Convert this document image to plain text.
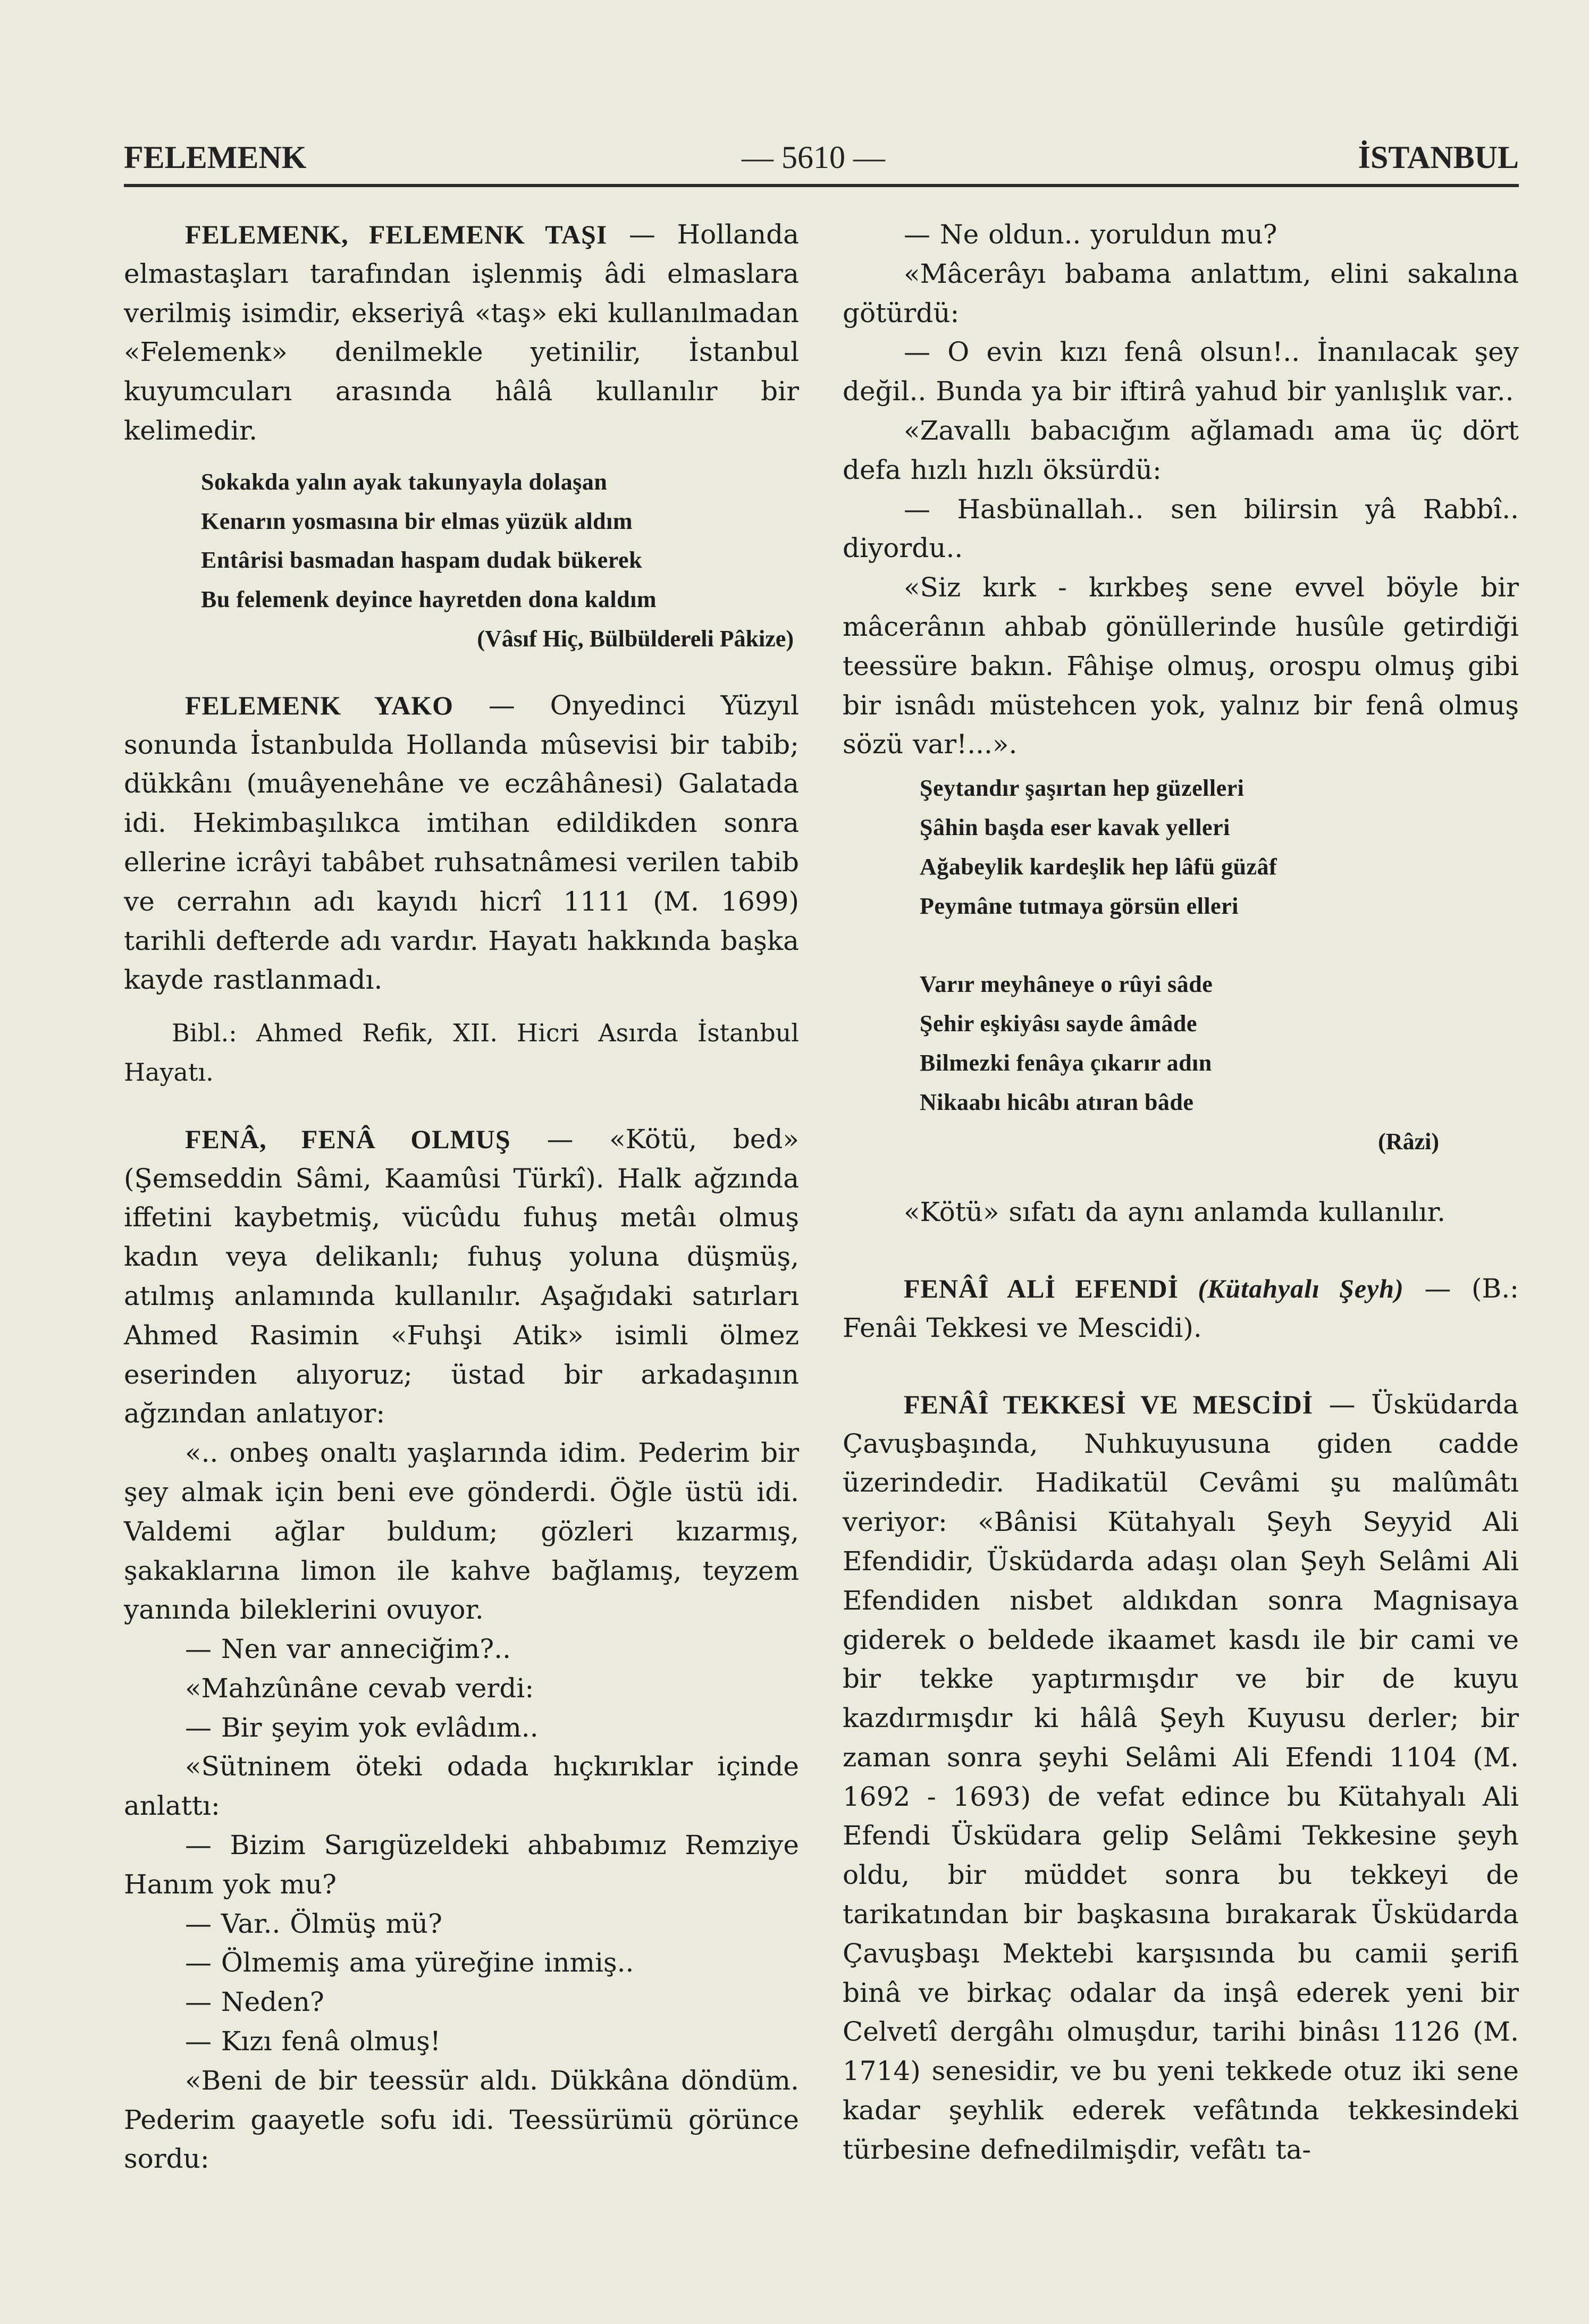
FELEMENK	— 5610 —	İSTANBUL

FELEMENK, FELEMENK TAŞI — Hollanda elmastaşları tarafından işlenmiş âdi elmaslara verilmiş isimdir, ekseriyâ «taş» eki kullanılmadan «Felemenk» denilmekle yetinilir, İstanbul kuyumcuları arasında hâlâ kullanılır bir kelimedir.

Sokakda yalın ayak takunyayla dolaşan
Kenarın yosmasına bir elmas yüzük aldım
Entârisi basmadan haspam dudak bükerek
Bu felemenk deyince hayretden dona kaldım
(Vâsıf Hiç, Bülbüldereli Pâkize)

FELEMENK YAKO — Onyedinci Yüzyıl sonunda İstanbulda Hollanda mûsevisi bir tabib; dükkânı (muâyenehâne ve eczâhânesi) Galatada idi. Hekimbaşılıkca imtihan edildikden sonra ellerine icrâyi tabâbet ruhsatnâmesi verilen tabib ve cerrahın adı kayıdı hicrî 1111 (M. 1699) tarihli defterde adı vardır. Hayatı hakkında başka kayde rastlanmadı.

Bibl.: Ahmed Refik, XII. Hicri Asırda İstanbul Hayatı.

FENÂ, FENÂ OLMUŞ — «Kötü, bed» (Şemseddin Sâmi, Kaamûsi Türkî). Halk ağzında iffetini kaybetmiş, vücûdu fuhuş metâı olmuş kadın veya delikanlı; fuhuş yoluna düşmüş, atılmış anlamında kullanılır. Aşağıdaki satırları Ahmed Rasimin «Fuhşi Atik» isimli ölmez eserinden alıyoruz; üstad bir arkadaşının ağzından anlatıyor:

«.. onbeş onaltı yaşlarında idim. Pederim bir şey almak için beni eve gönderdi. Öğle üstü idi. Valdemi ağlar buldum; gözleri kızarmış, şakaklarına limon ile kahve bağlamış, teyzem yanında bileklerini ovuyor.

— Nen var anneciğim?..

«Mahzûnâne cevab verdi:

— Bir şeyim yok evlâdım..

«Sütninem öteki odada hıçkırıklar içinde anlattı:

— Bizim Sarıgüzeldeki ahbabımız Remziye Hanım yok mu?

— Var.. Ölmüş mü?

— Ölmemiş ama yüreğine inmiş..

— Neden?

— Kızı fenâ olmuş!

«Beni de bir teessür aldı. Dükkâna döndüm. Pederim gaayetle sofu idi. Teessürümü görünce sordu:

— Ne oldun.. yoruldun mu?

«Mâcerâyı babama anlattım, elini sakalına götürdü:

— O evin kızı fenâ olsun!.. İnanılacak şey değil.. Bunda ya bir iftirâ yahud bir yanlışlık var..

«Zavallı babacığım ağlamadı ama üç dört defa hızlı hızlı öksürdü:

— Hasbünallah.. sen bilirsin yâ Rabbî.. diyordu..

«Siz kırk - kırkbeş sene evvel böyle bir mâcerânın ahbab gönüllerinde husûle getirdiği teessüre bakın. Fâhişe olmuş, orospu olmuş gibi bir isnâdı müstehcen yok, yalnız bir fenâ olmuş sözü var!...».

Şeytandır şaşırtan hep güzelleri
Şâhin başda eser kavak yelleri
Ağabeylik kardeşlik hep lâfü güzâf
Peymâne tutmaya görsün elleri
Varır meyhâneye o rûyi sâde
Şehir eşkiyâsı sayde âmâde
Bilmezki fenâya çıkarır adın
Nikaabı hicâbı atıran bâde
(Râzi)

«Kötü» sıfatı da aynı anlamda kullanılır.

FENÂÎ ALİ EFENDİ (Kütahyalı Şeyh) — (B.: Fenâi Tekkesi ve Mescidi).

FENÂÎ TEKKESİ VE MESCİDİ — Üsküdarda Çavuşbaşında, Nuhkuyusuna giden cadde üzerindedir. Hadikatül Cevâmi şu malûmâtı veriyor: «Bânisi Kütahyalı Şeyh Seyyid Ali Efendidir, Üsküdarda adaşı olan Şeyh Selâmi Ali Efendiden nisbet aldıkdan sonra Magnisaya giderek o beldede ikaamet kasdı ile bir cami ve bir tekke yaptırmışdır ve bir de kuyu kazdırmışdır ki hâlâ Şeyh Kuyusu derler; bir zaman sonra şeyhi Selâmi Ali Efendi 1104 (M. 1692 - 1693) de vefat edince bu Kütahyalı Ali Efendi Üsküdara gelip Selâmi Tekkesine şeyh oldu, bir müddet sonra bu tekkeyi de tarikatından bir başkasına bırakarak Üsküdarda Çavuşbaşı Mektebi karşısında bu camii şerifi binâ ve birkaç odalar da inşâ ederek yeni bir Celvetî dergâhı olmuşdur, tarihi binâsı 1126 (M. 1714) senesidir, ve bu yeni tekkede otuz iki sene kadar şeyhlik ederek vefâtında tekkesindeki türbesine defnedilmişdir, vefâtı ta-
